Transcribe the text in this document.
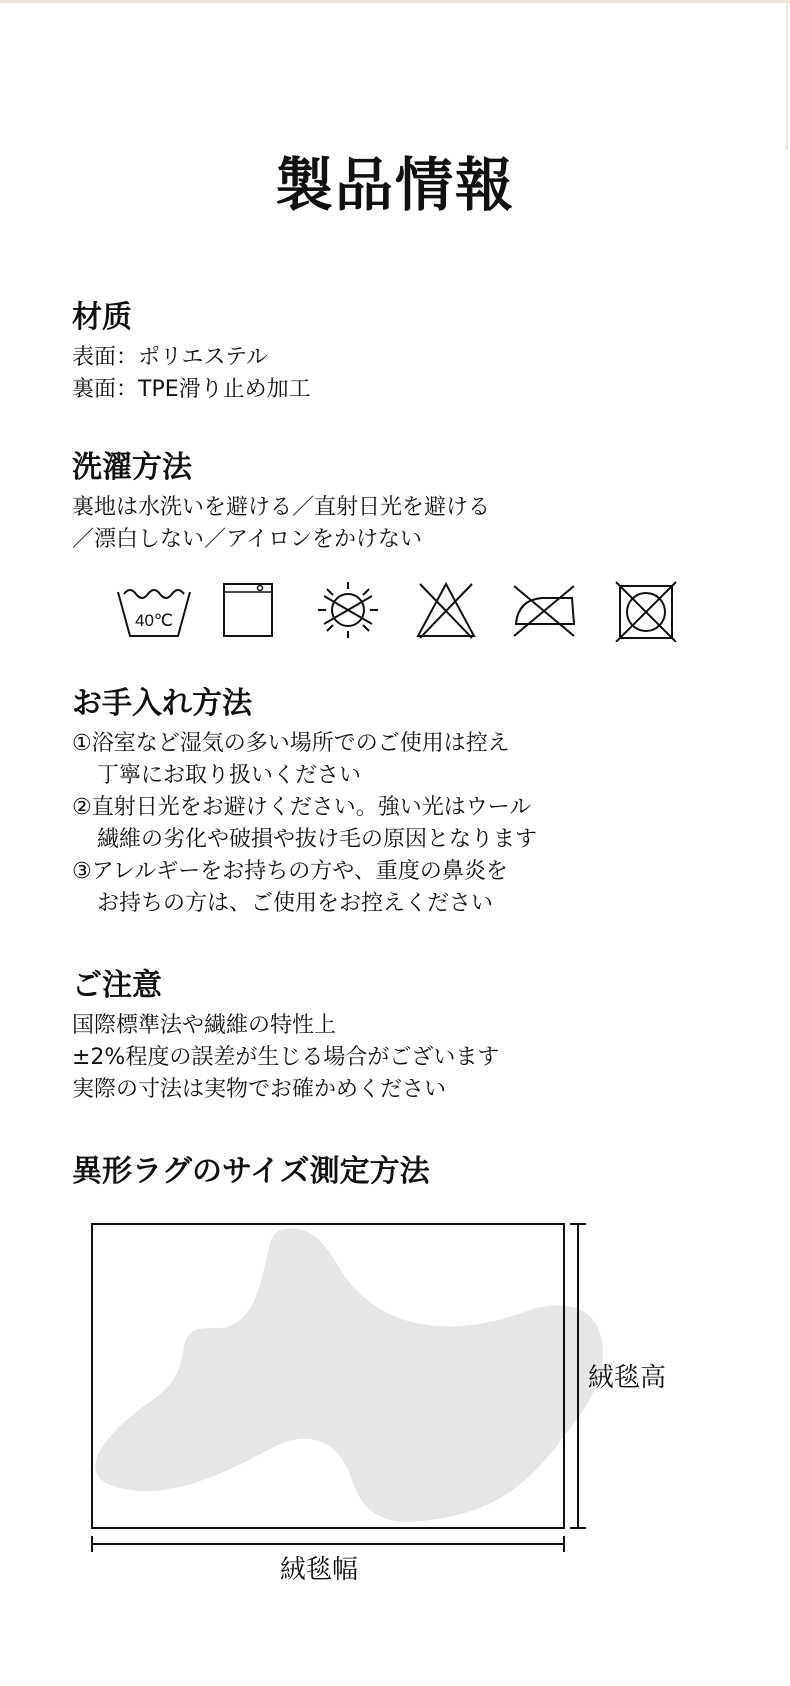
製品情報
材质

表面：ポリエステル

裏面：TPE滑り止め加工

洗濯方法

裏地は水洗いを避ける／直射日光を避ける

／漂白しない／アイロンをかけない

40℃
お手入れ方法
①浴室など湿気の多い場所でのご使用は控え
丁寧にお取り扱いください
②直射日光をお避けください。強い光はウール
繊維の劣化や破損や抜け毛の原因となります
③アレルギーをお持ちの方や、重度の鼻炎を
お持ちの方は、ご使用をお控えください
ご注意

国際標準法や繊維の特性上

±2%程度の誤差が生じる場合がございます

実際の寸法は実物でお確かめください

異形ラグのサイズ測定方法
絨毯高
絨毯幅
